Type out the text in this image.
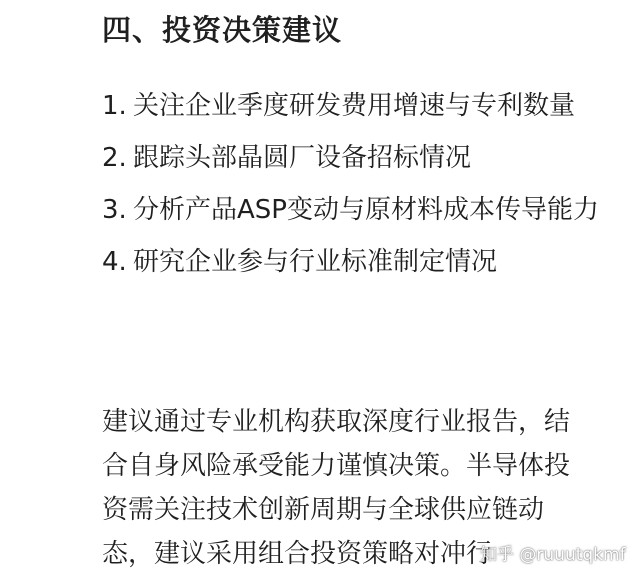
四、投资决策建议
1. 关注企业季度研发费用增速与专利数量
2. 跟踪头部晶圆厂设备招标情况
3. 分析产品ASP变动与原材料成本传导能力
4. 研究企业参与行业标准制定情况

建议通过专业机构获取深度行业报告，结合自身风险承受能力谨慎决策。半导体投资需关注技术创新周期与全球供应链动态，建议采用组合投资策略对冲行

知乎 @ruuutqkmf
